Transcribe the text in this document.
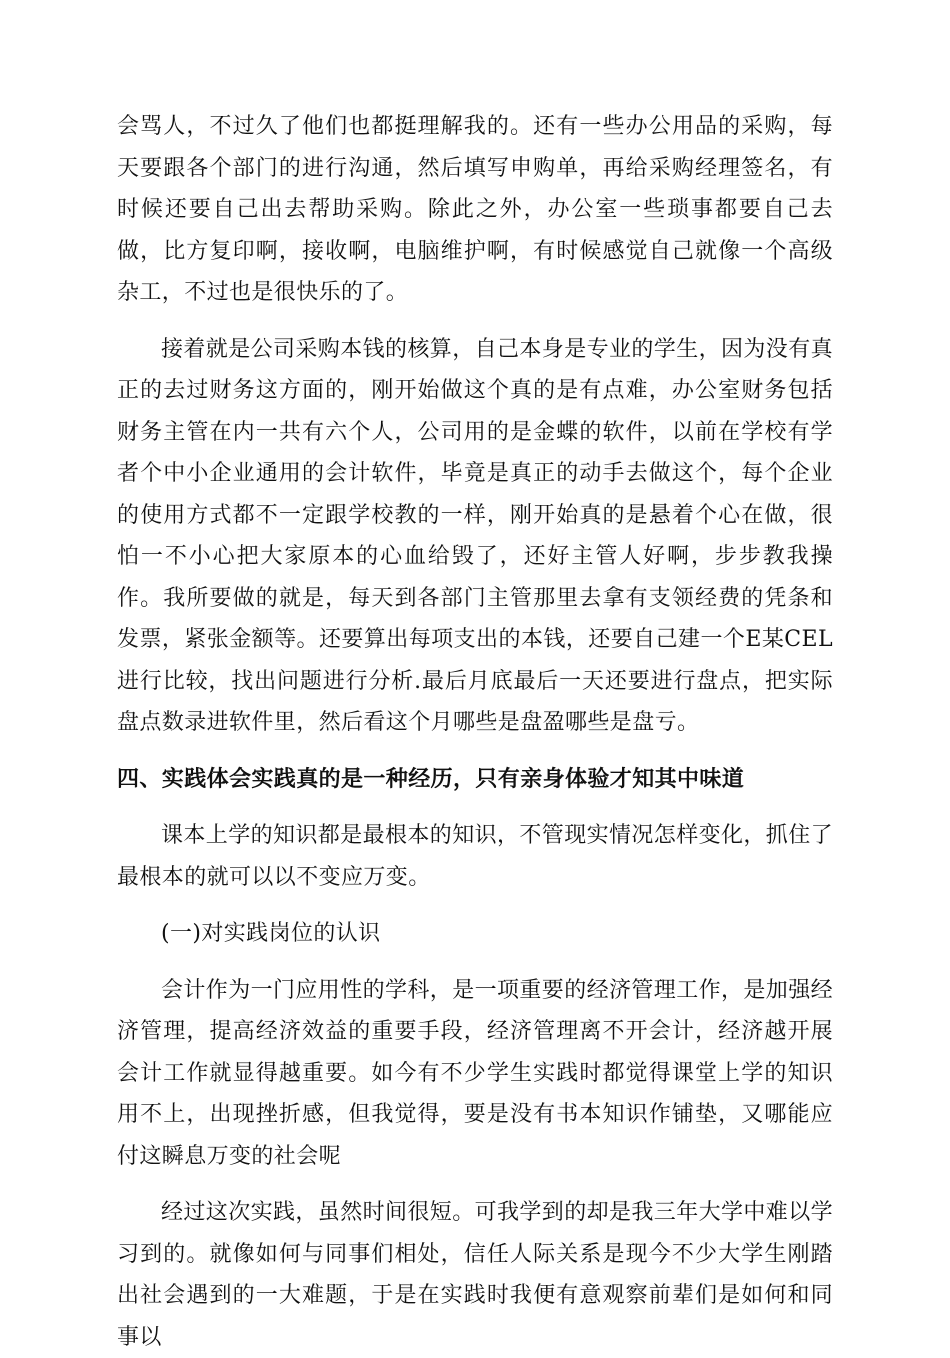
会骂人，不过久了他们也都挺理解我的。还有一些办公用品的采购，每天要跟各个部门的进行沟通，然后填写申购单，再给采购经理签名，有时候还要自己出去帮助采购。除此之外，办公室一些琐事都要自己去做，比方复印啊，接收啊，电脑维护啊，有时候感觉自己就像一个高级杂工，不过也是很快乐的了。

接着就是公司采购本钱的核算，自己本身是专业的学生，因为没有真正的去过财务这方面的，刚开始做这个真的是有点难，办公室财务包括财务主管在内一共有六个人，公司用的是金蝶的软件，以前在学校有学者个中小企业通用的会计软件，毕竟是真正的动手去做这个，每个企业的使用方式都不一定跟学校教的一样，刚开始真的是悬着个心在做，很怕一不小心把大家原本的心血给毁了，还好主管人好啊，步步教我操作。我所要做的就是，每天到各部门主管那里去拿有支领经费的凭条和发票，紧张金额等。还要算出每项支出的本钱，还要自己建一个E某CEL进行比较，找出问题进行分析.最后月底最后一天还要进行盘点，把实际盘点数录进软件里，然后看这个月哪些是盘盈哪些是盘亏。

四、实践体会实践真的是一种经历，只有亲身体验才知其中味道

课本上学的知识都是最根本的知识，不管现实情况怎样变化，抓住了最根本的就可以以不变应万变。

(一)对实践岗位的认识

会计作为一门应用性的学科，是一项重要的经济管理工作，是加强经济管理，提高经济效益的重要手段，经济管理离不开会计，经济越开展会计工作就显得越重要。如今有不少学生实践时都觉得课堂上学的知识用不上，出现挫折感，但我觉得，要是没有书本知识作铺垫，又哪能应付这瞬息万变的社会呢

经过这次实践，虽然时间很短。可我学到的却是我三年大学中难以学习到的。就像如何与同事们相处，信任人际关系是现今不少大学生刚踏出社会遇到的一大难题，于是在实践时我便有意观察前辈们是如何和同事以
